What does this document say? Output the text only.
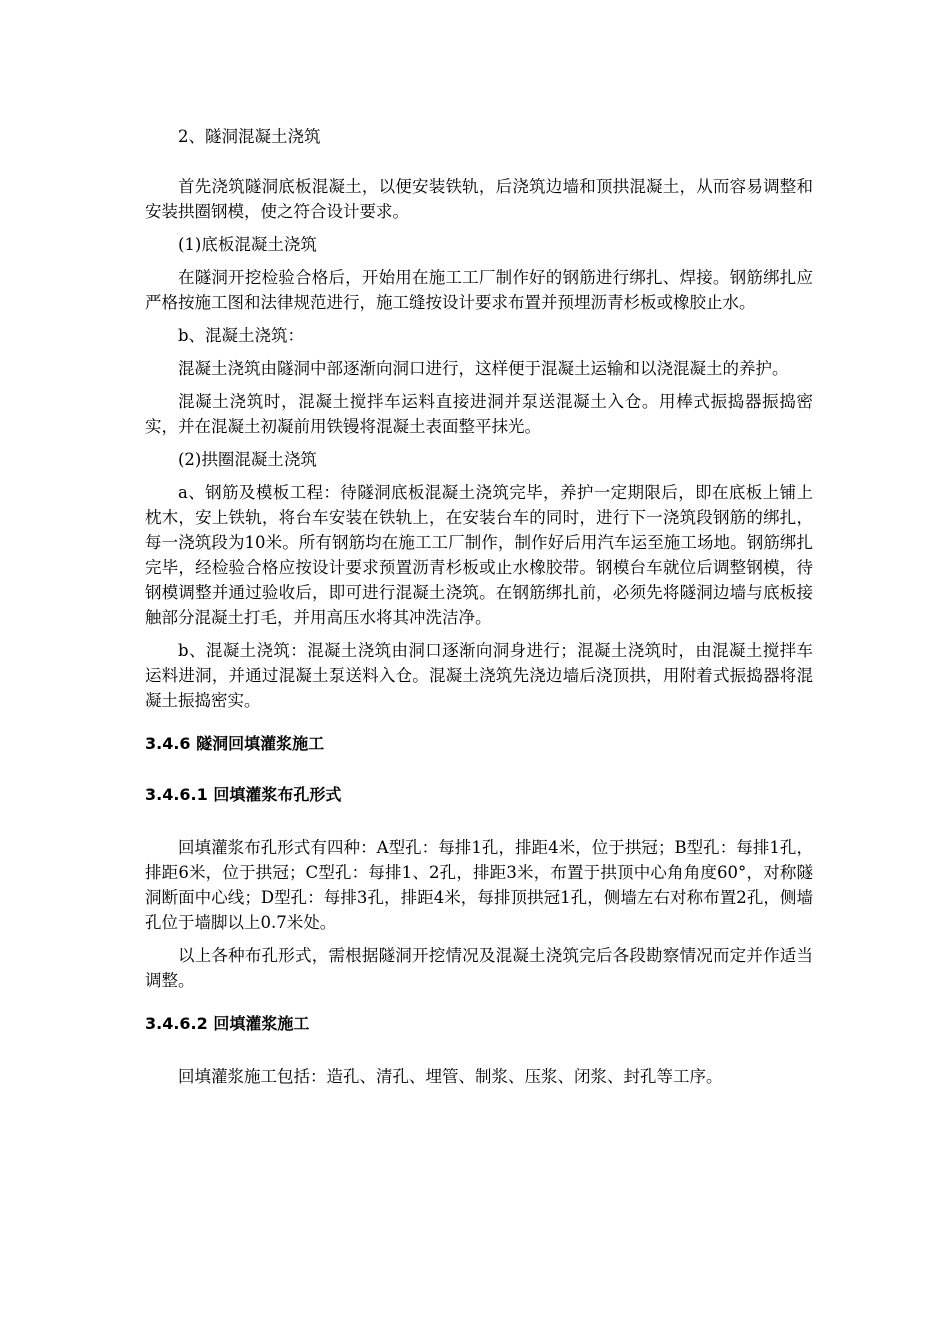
2、隧洞混凝土浇筑

首先浇筑隧洞底板混凝土，以便安装铁轨，后浇筑边墙和顶拱混凝土，从而容易调整和安装拱圈钢模，使之符合设计要求。

(1)底板混凝土浇筑

在隧洞开挖检验合格后，开始用在施工工厂制作好的钢筋进行绑扎、焊接。钢筋绑扎应严格按施工图和法律规范进行，施工缝按设计要求布置并预埋沥青杉板或橡胶止水。

b、混凝土浇筑：

混凝土浇筑由隧洞中部逐渐向洞口进行，这样便于混凝土运输和以浇混凝土的养护。

混凝土浇筑时，混凝土搅拌车运料直接进洞并泵送混凝土入仓。用棒式振捣器振捣密实，并在混凝土初凝前用铁镘将混凝土表面整平抹光。

(2)拱圈混凝土浇筑

a、钢筋及模板工程：待隧洞底板混凝土浇筑完毕，养护一定期限后，即在底板上铺上枕木，安上铁轨，将台车安装在铁轨上，在安装台车的同时，进行下一浇筑段钢筋的绑扎，每一浇筑段为10米。所有钢筋均在施工工厂制作，制作好后用汽车运至施工场地。钢筋绑扎完毕，经检验合格应按设计要求预置沥青杉板或止水橡胶带。钢模台车就位后调整钢模，待钢模调整并通过验收后，即可进行混凝土浇筑。在钢筋绑扎前，必须先将隧洞边墙与底板接触部分混凝土打毛，并用高压水将其冲洗洁净。

b、混凝土浇筑：混凝土浇筑由洞口逐渐向洞身进行；混凝土浇筑时，由混凝土搅拌车运料进洞，并通过混凝土泵送料入仓。混凝土浇筑先浇边墙后浇顶拱，用附着式振捣器将混凝土振捣密实。

3.4.6 隧洞回填灌浆施工
3.4.6.1 回填灌浆布孔形式

回填灌浆布孔形式有四种：A型孔：每排1孔，排距4米，位于拱冠；B型孔：每排1孔，排距6米，位于拱冠；C型孔：每排1、2孔，排距3米，布置于拱顶中心角角度60°，对称隧洞断面中心线；D型孔：每排3孔，排距4米，每排顶拱冠1孔，侧墙左右对称布置2孔，侧墙孔位于墙脚以上0.7米处。

以上各种布孔形式，需根据隧洞开挖情况及混凝土浇筑完后各段勘察情况而定并作适当调整。

3.4.6.2 回填灌浆施工

回填灌浆施工包括：造孔、清孔、埋管、制浆、压浆、闭浆、封孔等工序。
